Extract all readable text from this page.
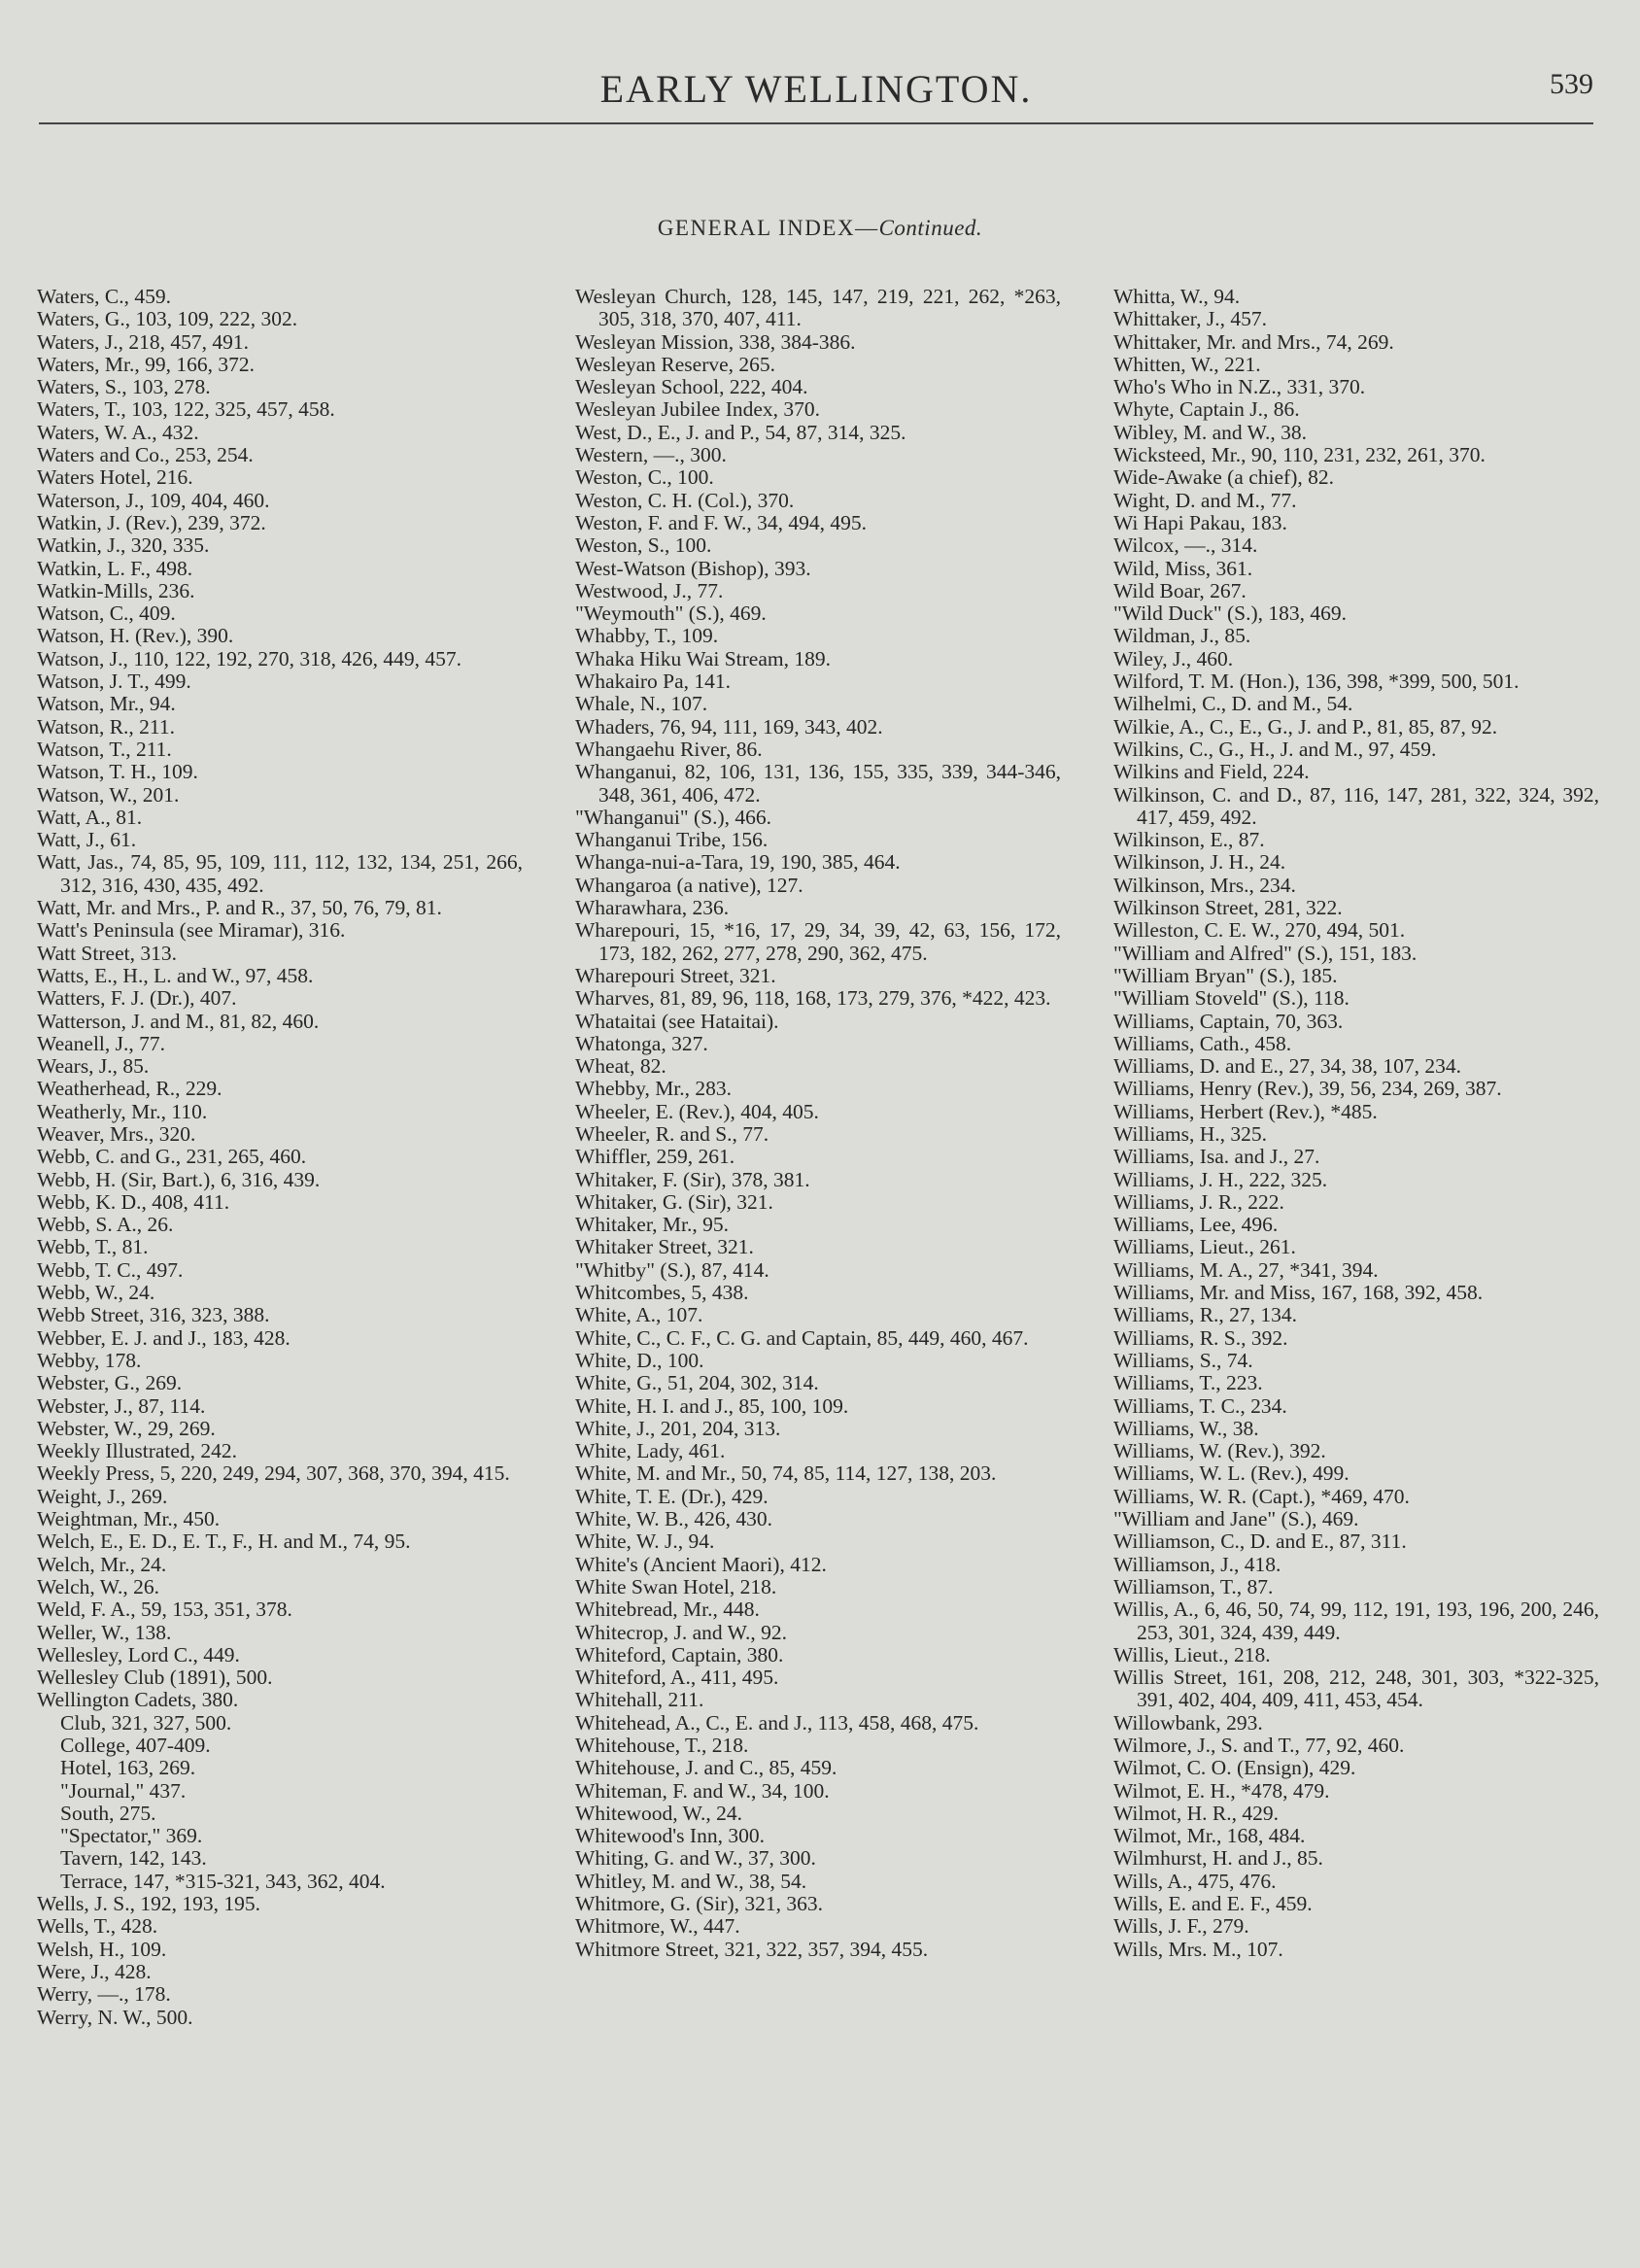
EARLY WELLINGTON.	539
GENERAL INDEX—Continued.
Waters, C., 459.
Waters, G., 103, 109, 222, 302.
Waters, J., 218, 457, 491.
Waters, Mr., 99, 166, 372.
Waters, S., 103, 278.
Waters, T., 103, 122, 325, 457, 458.
Waters, W. A., 432.
Waters and Co., 253, 254.
Waters Hotel, 216.
Waterson, J., 109, 404, 460.
Watkin, J. (Rev.), 239, 372.
Watkin, J., 320, 335.
Watkin, L. F., 498.
Watkin-Mills, 236.
Watson, C., 409.
Watson, H. (Rev.), 390.
Watson, J., 110, 122, 192, 270, 318, 426, 449, 457.
Watson, J. T., 499.
Watson, Mr., 94.
Watson, R., 211.
Watson, T., 211.
Watson, T. H., 109.
Watson, W., 201.
Watt, A., 81.
Watt, J., 61.
Watt, Jas., 74, 85, 95, 109, 111, 112, 132, 134, 251, 266, 312, 316, 430, 435, 492.
Watt, Mr. and Mrs., P. and R., 37, 50, 76, 79, 81.
Watt's Peninsula (see Miramar), 316.
Watt Street, 313.
Watts, E., H., L. and W., 97, 458.
Watters, F. J. (Dr.), 407.
Watterson, J. and M., 81, 82, 460.
Weanell, J., 77.
Wears, J., 85.
Weatherhead, R., 229.
Weatherly, Mr., 110.
Weaver, Mrs., 320.
Webb, C. and G., 231, 265, 460.
Webb, H. (Sir, Bart.), 6, 316, 439.
Webb, K. D., 408, 411.
Webb, S. A., 26.
Webb, T., 81.
Webb, T. C., 497.
Webb, W., 24.
Webb Street, 316, 323, 388.
Webber, E. J. and J., 183, 428.
Webby, 178.
Webster, G., 269.
Webster, J., 87, 114.
Webster, W., 29, 269.
Weekly Illustrated, 242.
Weekly Press, 5, 220, 249, 294, 307, 368, 370, 394, 415.
Weight, J., 269.
Weightman, Mr., 450.
Welch, E., E. D., E. T., F., H. and M., 74, 95.
Welch, Mr., 24.
Welch, W., 26.
Weld, F. A., 59, 153, 351, 378.
Weller, W., 138.
Wellesley, Lord C., 449.
Wellesley Club (1891), 500.
Wellington Cadets, 380.
Club, 321, 327, 500.
College, 407-409.
Hotel, 163, 269.
"Journal," 437.
South, 275.
"Spectator," 369.
Tavern, 142, 143.
Terrace, 147, *315-321, 343, 362, 404.
Wells, J. S., 192, 193, 195.
Wells, T., 428.
Welsh, H., 109.
Were, J., 428.
Werry, —., 178.
Werry, N. W., 500.
Wesleyan Church, 128, 145, 147, 219, 221, 262, *263, 305, 318, 370, 407, 411.
Wesleyan Mission, 338, 384-386.
Wesleyan Reserve, 265.
Wesleyan School, 222, 404.
Wesleyan Jubilee Index, 370.
West, D., E., J. and P., 54, 87, 314, 325.
Western, —., 300.
Weston, C., 100.
Weston, C. H. (Col.), 370.
Weston, F. and F. W., 34, 494, 495.
Weston, S., 100.
West-Watson (Bishop), 393.
Westwood, J., 77.
"Weymouth" (S.), 469.
Whabby, T., 109.
Whaka Hiku Wai Stream, 189.
Whakairo Pa, 141.
Whale, N., 107.
Whaders, 76, 94, 111, 169, 343, 402.
Whangaehu River, 86.
Whanganui, 82, 106, 131, 136, 155, 335, 339, 344-346, 348, 361, 406, 472.
"Whanganui" (S.), 466.
Whanganui Tribe, 156.
Whanga-nui-a-Tara, 19, 190, 385, 464.
Whangaroa (a native), 127.
Wharawhara, 236.
Wharepouri, 15, *16, 17, 29, 34, 39, 42, 63, 156, 172, 173, 182, 262, 277, 278, 290, 362, 475.
Wharepouri Street, 321.
Wharves, 81, 89, 96, 118, 168, 173, 279, 376, *422, 423.
Whataitai (see Hataitai).
Whatonga, 327.
Wheat, 82.
Whebby, Mr., 283.
Wheeler, E. (Rev.), 404, 405.
Wheeler, R. and S., 77.
Whiffler, 259, 261.
Whitaker, F. (Sir), 378, 381.
Whitaker, G. (Sir), 321.
Whitaker, Mr., 95.
Whitaker Street, 321.
"Whitby" (S.), 87, 414.
Whitcombes, 5, 438.
White, A., 107.
White, C., C. F., C. G. and Captain, 85, 449, 460, 467.
White, D., 100.
White, G., 51, 204, 302, 314.
White, H. I. and J., 85, 100, 109.
White, J., 201, 204, 313.
White, Lady, 461.
White, M. and Mr., 50, 74, 85, 114, 127, 138, 203.
White, T. E. (Dr.), 429.
White, W. B., 426, 430.
White, W. J., 94.
White's (Ancient Maori), 412.
White Swan Hotel, 218.
Whitebread, Mr., 448.
Whitecrop, J. and W., 92.
Whiteford, Captain, 380.
Whiteford, A., 411, 495.
Whitehall, 211.
Whitehead, A., C., E. and J., 113, 458, 468, 475.
Whitehouse, T., 218.
Whitehouse, J. and C., 85, 459.
Whiteman, F. and W., 34, 100.
Whitewood, W., 24.
Whitewood's Inn, 300.
Whiting, G. and W., 37, 300.
Whitley, M. and W., 38, 54.
Whitmore, G. (Sir), 321, 363.
Whitmore, W., 447.
Whitmore Street, 321, 322, 357, 394, 455.
Whitta, W., 94.
Whittaker, J., 457.
Whittaker, Mr. and Mrs., 74, 269.
Whitten, W., 221.
Who's Who in N.Z., 331, 370.
Whyte, Captain J., 86.
Wibley, M. and W., 38.
Wicksteed, Mr., 90, 110, 231, 232, 261, 370.
Wide-Awake (a chief), 82.
Wight, D. and M., 77.
Wi Hapi Pakau, 183.
Wilcox, —., 314.
Wild, Miss, 361.
Wild Boar, 267.
"Wild Duck" (S.), 183, 469.
Wildman, J., 85.
Wiley, J., 460.
Wilford, T. M. (Hon.), 136, 398, *399, 500, 501.
Wilhelmi, C., D. and M., 54.
Wilkie, A., C., E., G., J. and P., 81, 85, 87, 92.
Wilkins, C., G., H., J. and M., 97, 459.
Wilkins and Field, 224.
Wilkinson, C. and D., 87, 116, 147, 281, 322, 324, 392, 417, 459, 492.
Wilkinson, E., 87.
Wilkinson, J. H., 24.
Wilkinson, Mrs., 234.
Wilkinson Street, 281, 322.
Willeston, C. E. W., 270, 494, 501.
"William and Alfred" (S.), 151, 183.
"William Bryan" (S.), 185.
"William Stoveld" (S.), 118.
Williams, Captain, 70, 363.
Williams, Cath., 458.
Williams, D. and E., 27, 34, 38, 107, 234.
Williams, Henry (Rev.), 39, 56, 234, 269, 387.
Williams, Herbert (Rev.), *485.
Williams, H., 325.
Williams, Isa. and J., 27.
Williams, J. H., 222, 325.
Williams, J. R., 222.
Williams, Lee, 496.
Williams, Lieut., 261.
Williams, M. A., 27, *341, 394.
Williams, Mr. and Miss, 167, 168, 392, 458.
Williams, R., 27, 134.
Williams, R. S., 392.
Williams, S., 74.
Williams, T., 223.
Williams, T. C., 234.
Williams, W., 38.
Williams, W. (Rev.), 392.
Williams, W. L. (Rev.), 499.
Williams, W. R. (Capt.), *469, 470.
"William and Jane" (S.), 469.
Williamson, C., D. and E., 87, 311.
Williamson, J., 418.
Williamson, T., 87.
Willis, A., 6, 46, 50, 74, 99, 112, 191, 193, 196, 200, 246, 253, 301, 324, 439, 449.
Willis, Lieut., 218.
Willis Street, 161, 208, 212, 248, 301, 303, *322-325, 391, 402, 404, 409, 411, 453, 454.
Willowbank, 293.
Wilmore, J., S. and T., 77, 92, 460.
Wilmot, C. O. (Ensign), 429.
Wilmot, E. H., *478, 479.
Wilmot, H. R., 429.
Wilmot, Mr., 168, 484.
Wilmhurst, H. and J., 85.
Wills, A., 475, 476.
Wills, E. and E. F., 459.
Wills, J. F., 279.
Wills, Mrs. M., 107.
